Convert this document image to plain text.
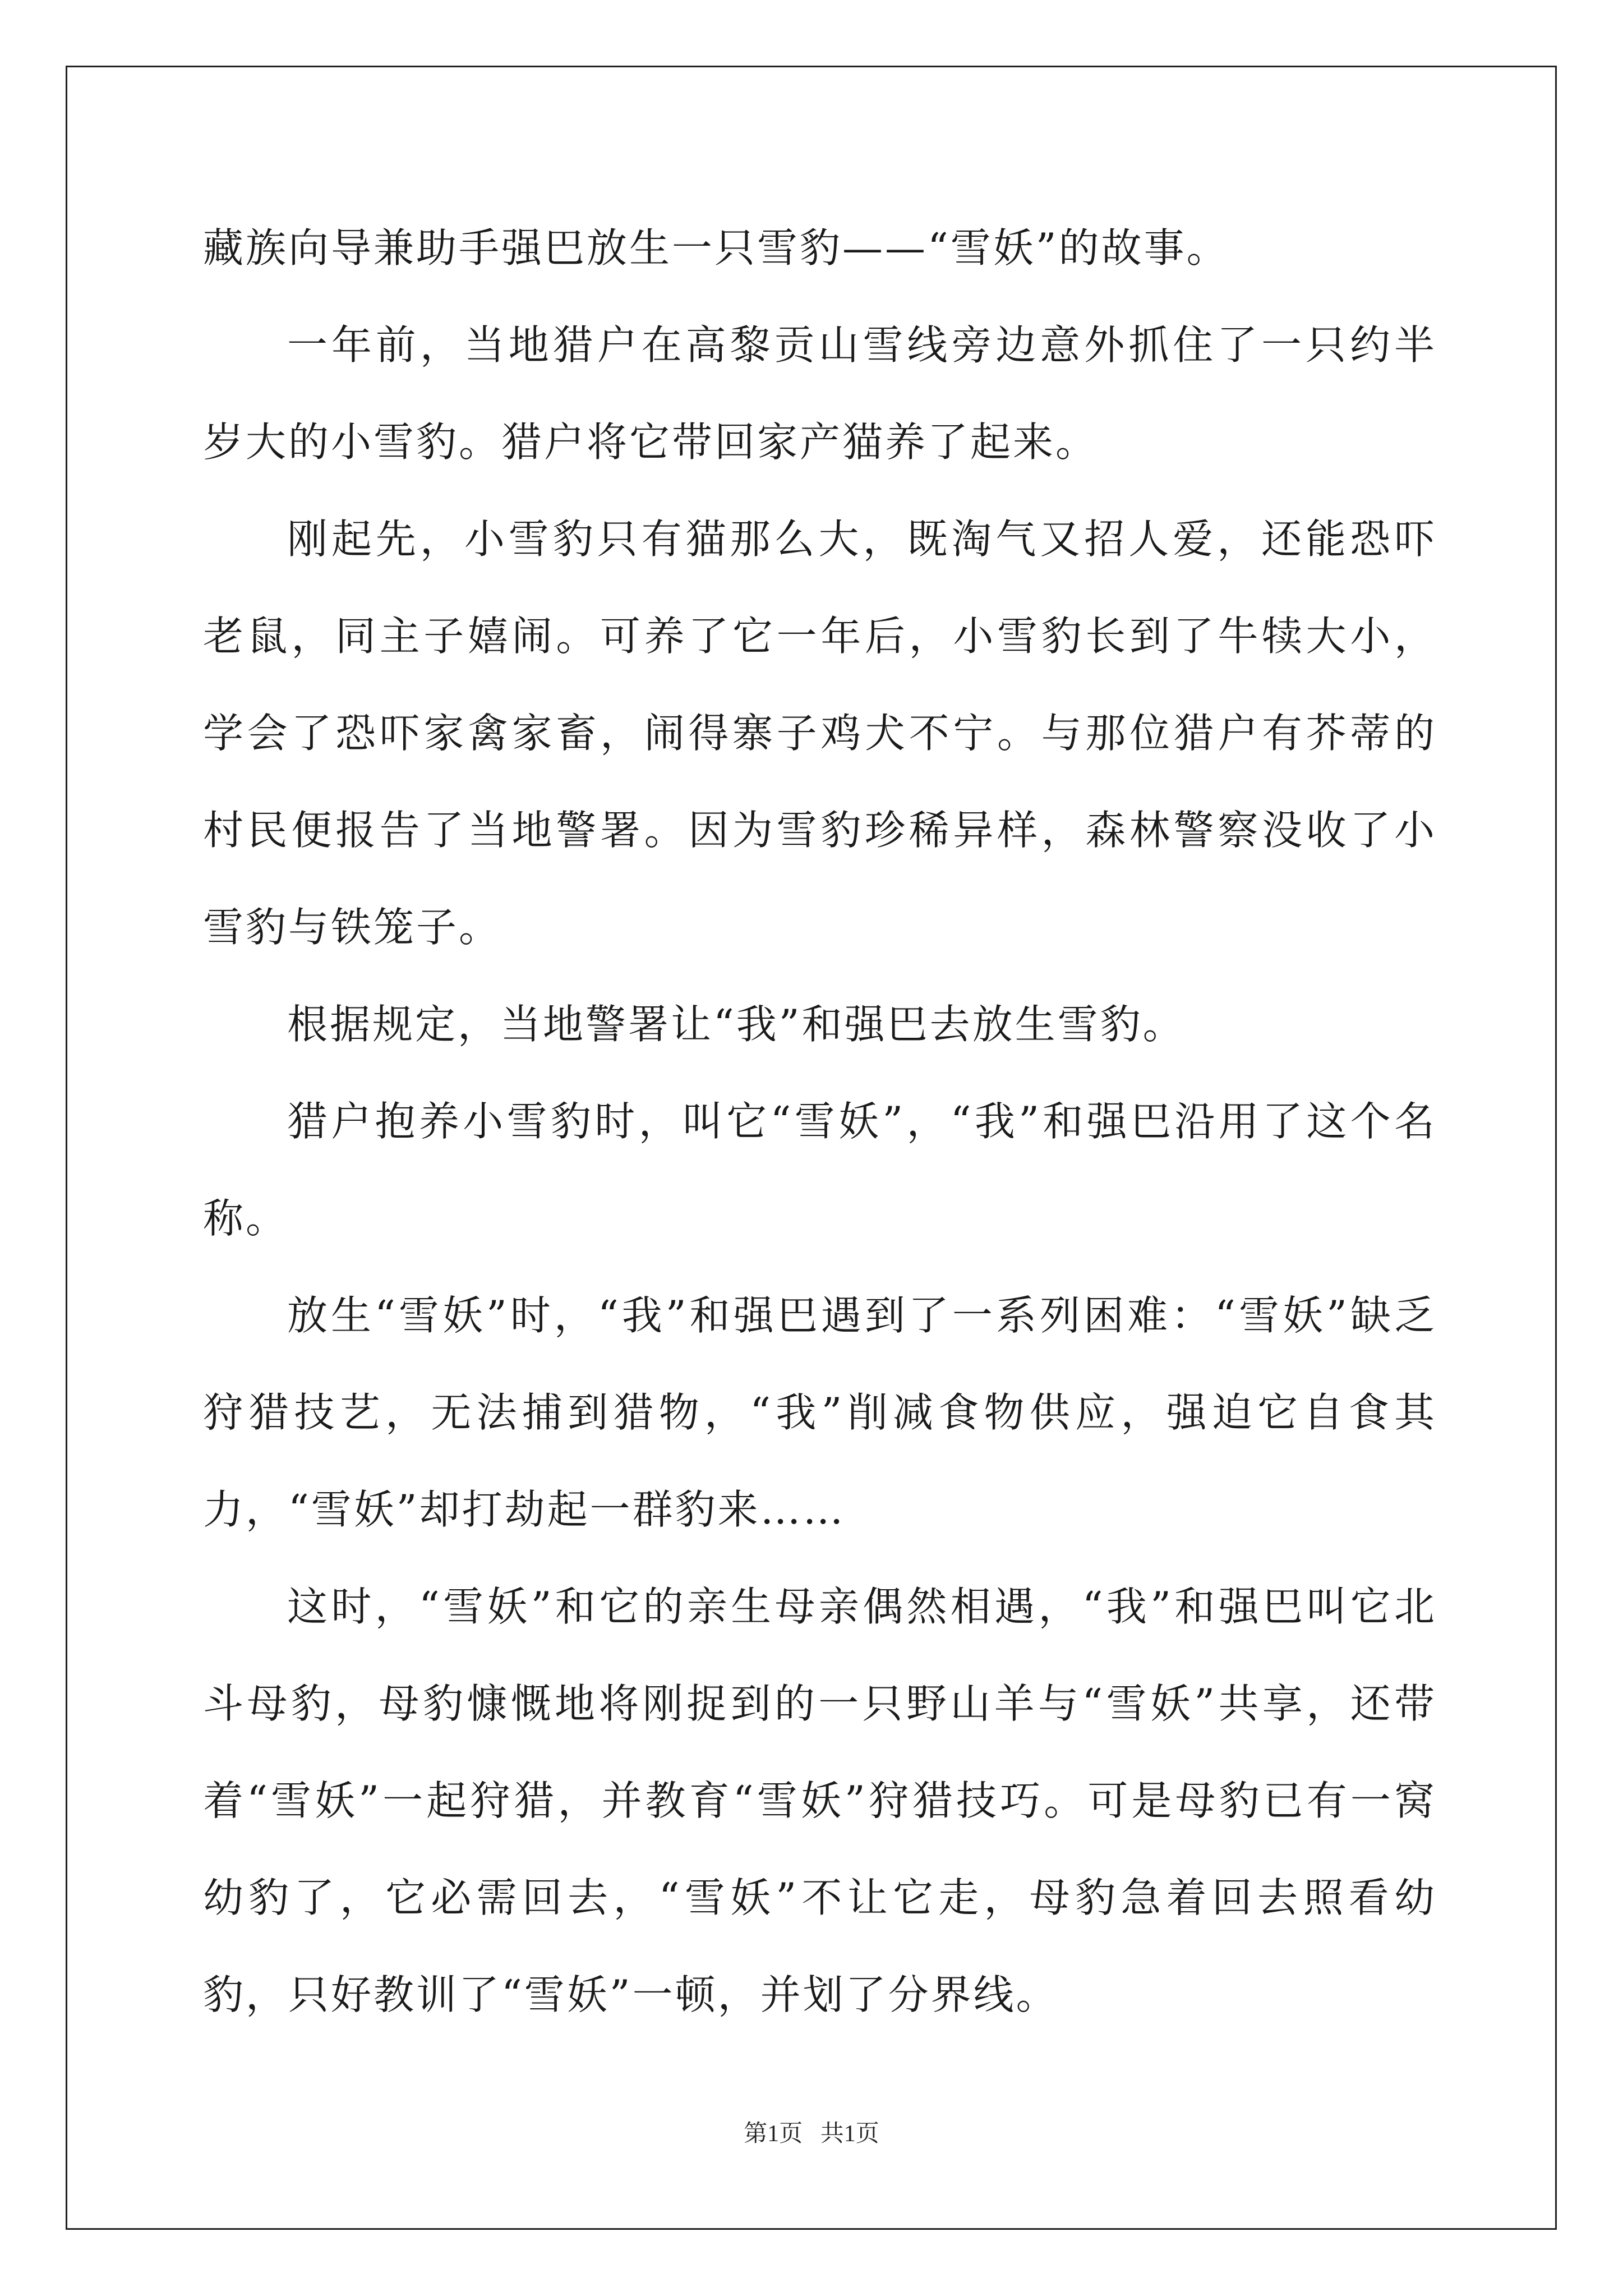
藏族向导兼助手强巴放生一只雪豹——“雪妖”的故事。

一年前，当地猎户在高黎贡山雪线旁边意外抓住了一只约半岁大的小雪豹。猎户将它带回家产猫养了起来。

刚起先，小雪豹只有猫那么大，既淘气又招人爱，还能恐吓老鼠，同主子嬉闹。可养了它一年后，小雪豹长到了牛犊大小，学会了恐吓家禽家畜，闹得寨子鸡犬不宁。与那位猎户有芥蒂的村民便报告了当地警署。因为雪豹珍稀异样，森林警察没收了小雪豹与铁笼子。

根据规定，当地警署让“我”和强巴去放生雪豹。

猎户抱养小雪豹时，叫它“雪妖”，“我”和强巴沿用了这个名称。

放生“雪妖”时，“我”和强巴遇到了一系列困难：“雪妖”缺乏狩猎技艺，无法捕到猎物，“我”削减食物供应，强迫它自食其力，“雪妖”却打劫起一群豹来……

这时，“雪妖”和它的亲生母亲偶然相遇，“我”和强巴叫它北斗母豹，母豹慷慨地将刚捉到的一只野山羊与“雪妖”共享，还带着“雪妖”一起狩猎，并教育“雪妖”狩猎技巧。可是母豹已有一窝幼豹了，它必需回去，“雪妖”不让它走，母豹急着回去照看幼豹，只好教训了“雪妖”一顿，并划了分界线。

第1页   共1页
